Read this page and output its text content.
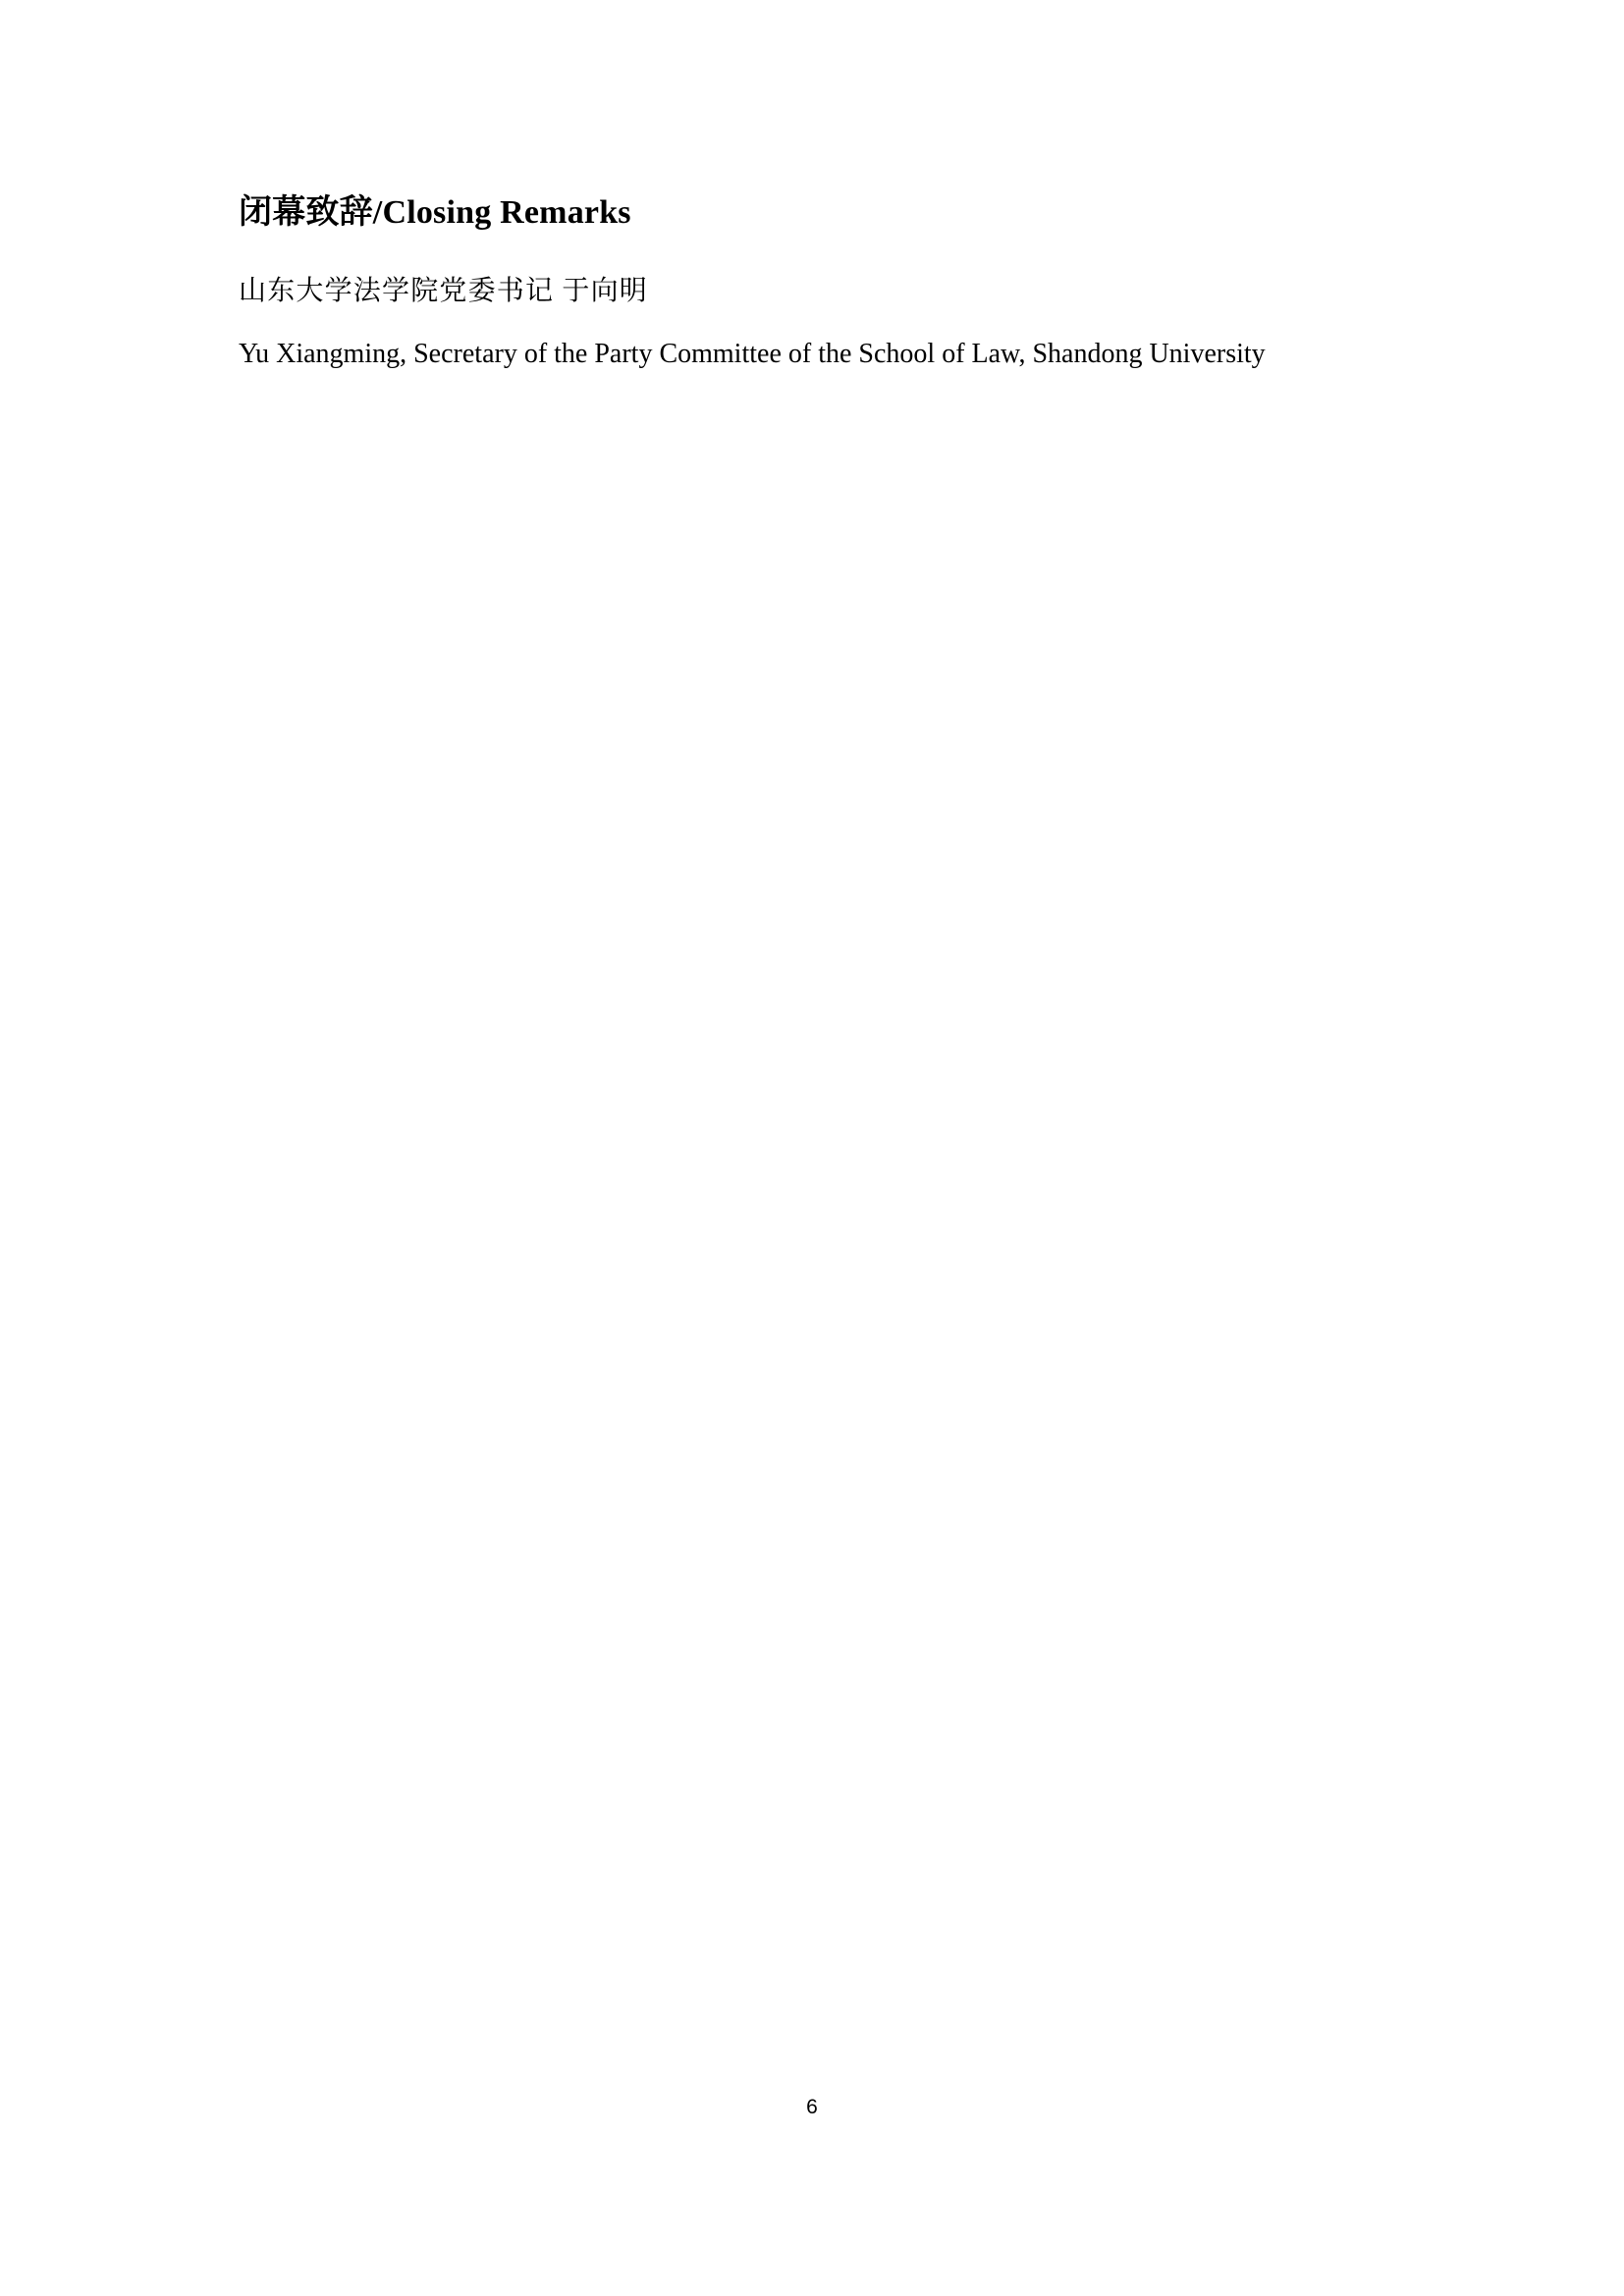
闭幕致辞/Closing Remarks

山东大学法学院党委书记 于向明

Yu Xiangming, Secretary of the Party Committee of the School of Law, Shandong University

6
